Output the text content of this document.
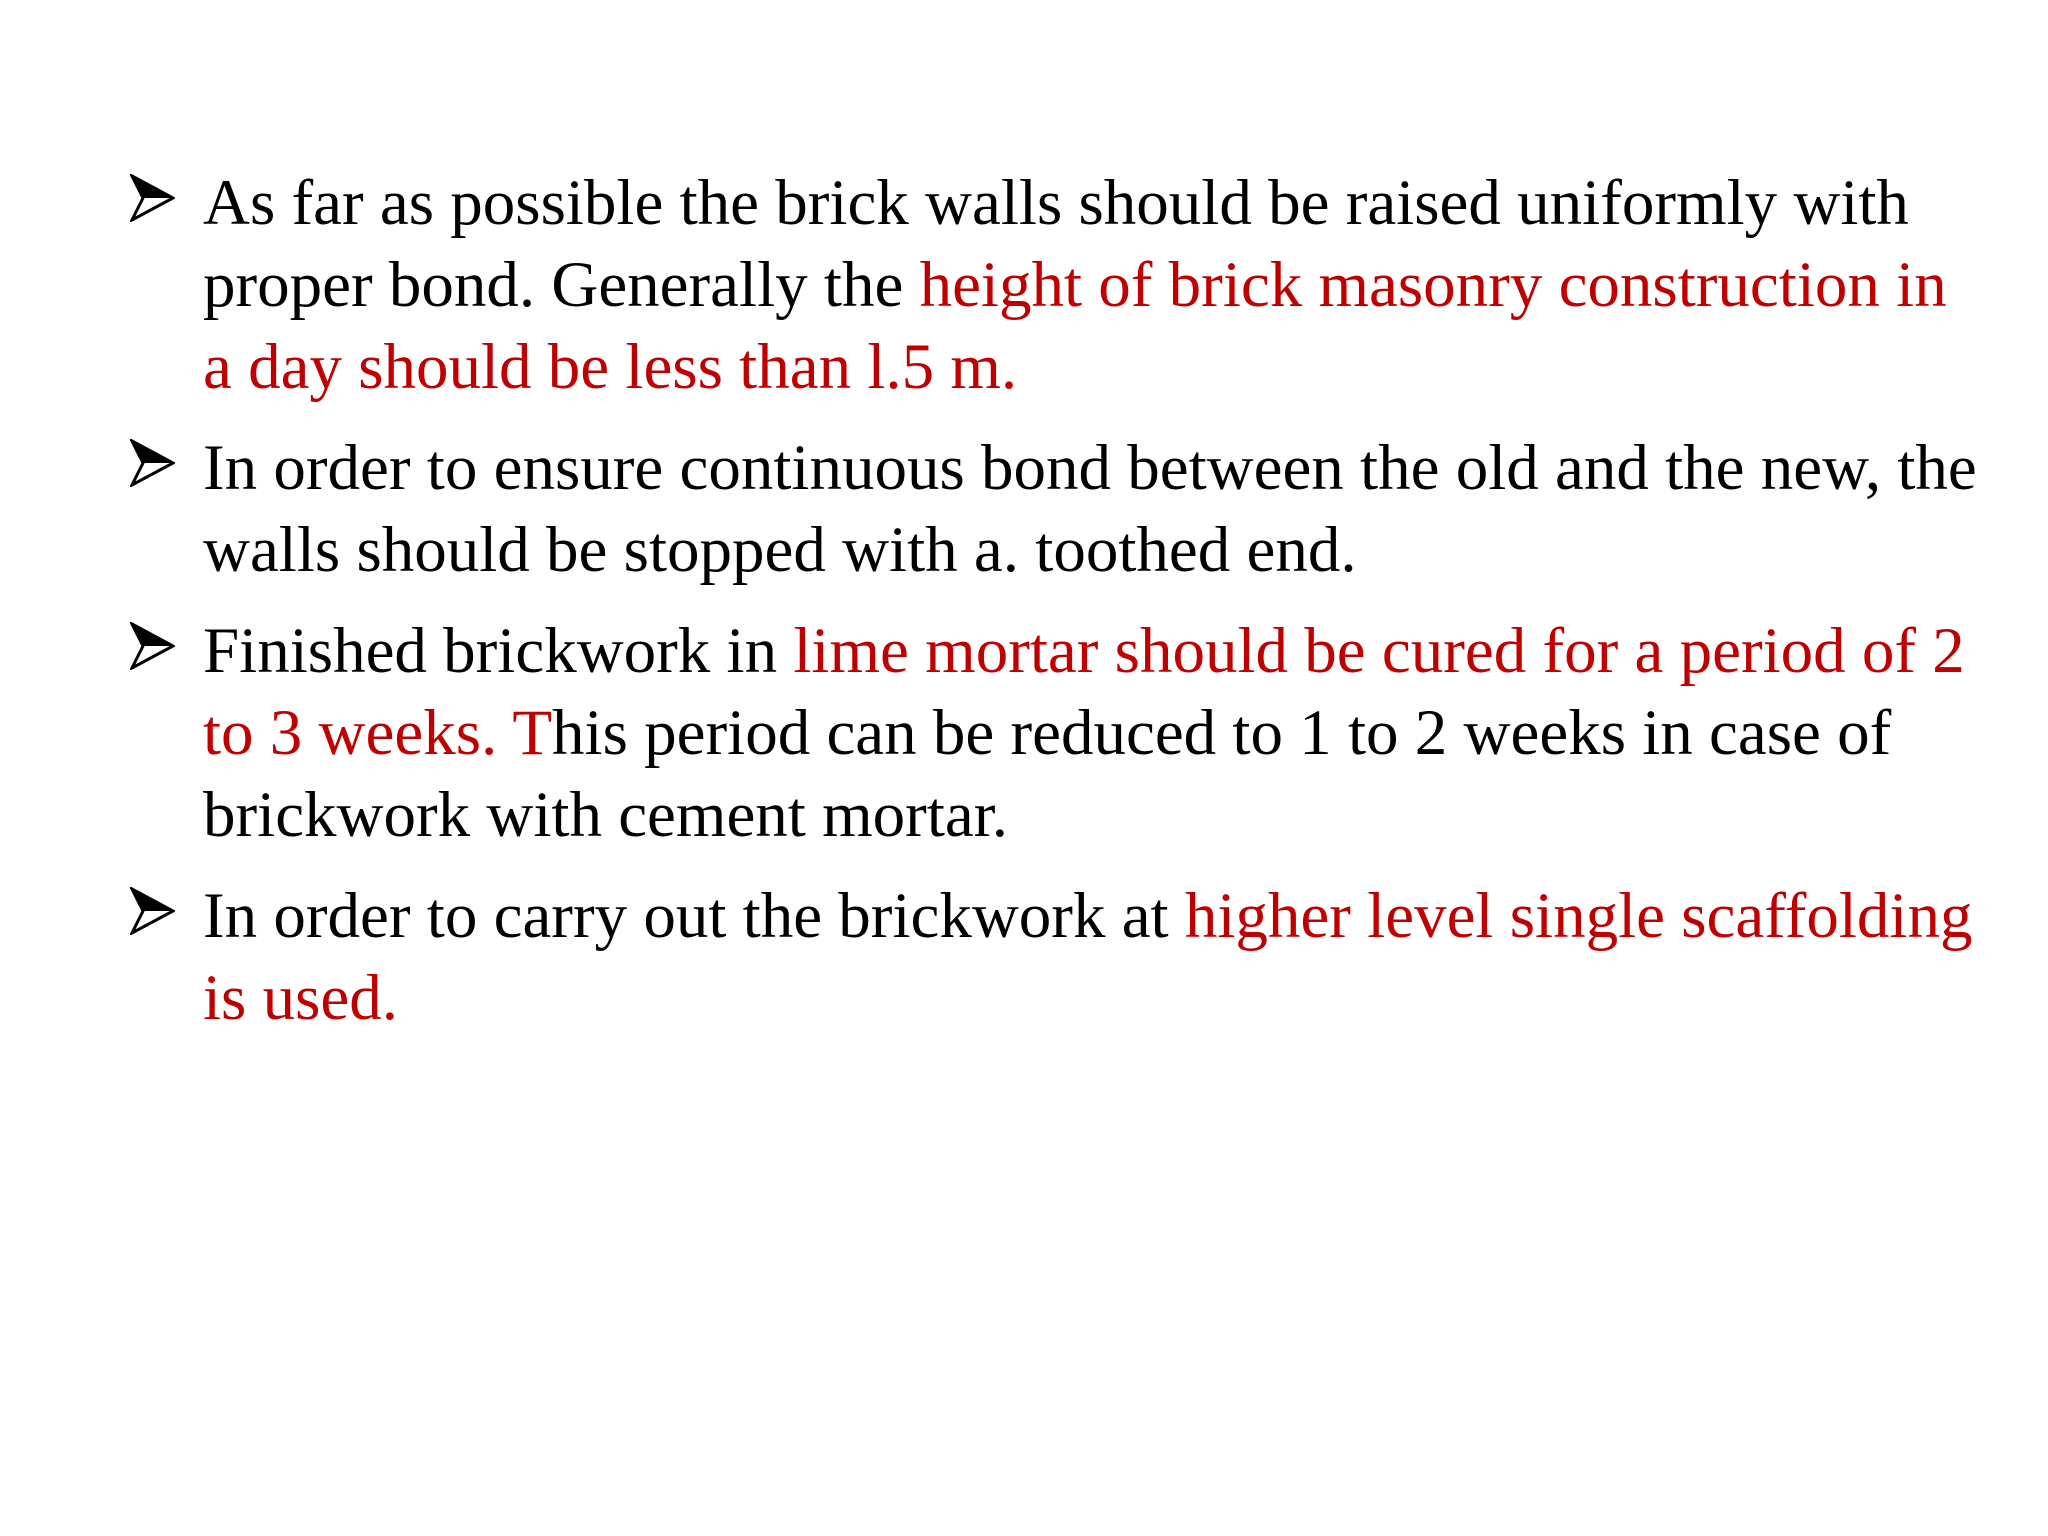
As far as possible the brick walls should be raised uniformly with proper bond. Generally the height of brick masonry construction in a day should be less than l.5 m.
In order to ensure continuous bond between the old and the new, the walls should be stopped with a. toothed end.
Finished brickwork in lime mortar should be cured for a period of 2 to 3 weeks. This period can be reduced to 1 to 2 weeks in case of brickwork with cement mortar.
In order to carry out the brickwork at higher level single scaffolding is used.
